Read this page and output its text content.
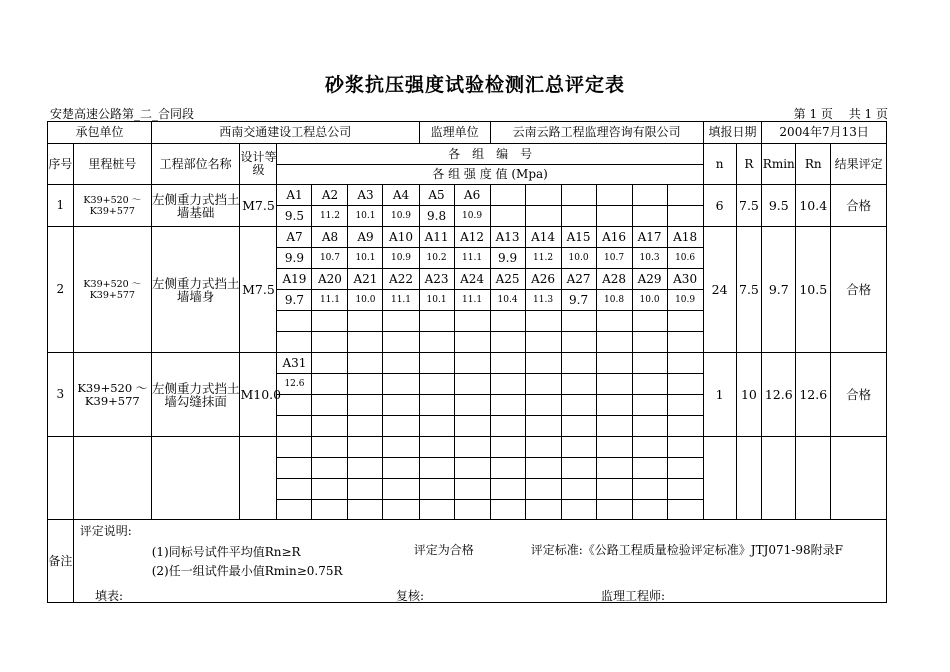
砂浆抗压强度试验检测汇总评定表
安楚高速公路第_二_合同段	第 1 页　 共 1 页
承包单位		西南交通建设工程总公司						监理单位		云南云路工程监理咨询有限公司						填报日期		2004年7月13日		
序号	里程桩号	工程部位名称	设计等级	各　组　编　号												n	R	Rmin	Rn	结果评定
				各 组 强 度 值 (Mpa)																
1	K39+520 ～ K39+577	左侧重力式挡土墙基础	M7.5	A1	A2	A3	A4	A5	A6							6	7.5	9.5	10.4	合格
				9.5	11.2	10.1	10.9	9.8	10.9											
2	K39+520 ～ K39+577	左侧重力式挡土墙墙身	M7.5	A7	A8	A9	A10	A11	A12	A13	A14	A15	A16	A17	A18	24	7.5	9.7	10.5	合格
				9.9	10.7	10.1	10.9	10.2	11.1	9.9	11.2	10.0	10.7	10.3	10.6					
				A19	A20	A21	A22	A23	A24	A25	A26	A27	A28	A29	A30					
				9.7	11.1	10.0	11.1	10.1	11.1	10.4	11.3	9.7	10.8	10.0	10.9					

3	K39+520 ～ K39+577	左侧重力式挡土墙勾缝抹面	M10.0	A31												1	10	12.6	12.6	合格
				12.6																

备注	评定说明:
(1)同标号试件平均值Rn≥R
(2)任一组试件最小值Rmin≥0.75R
评定为合格 评定标准:《公路工程质量检验评定标准》JTJ071-98附录F																			
填表:	复核:	监理工程师:
